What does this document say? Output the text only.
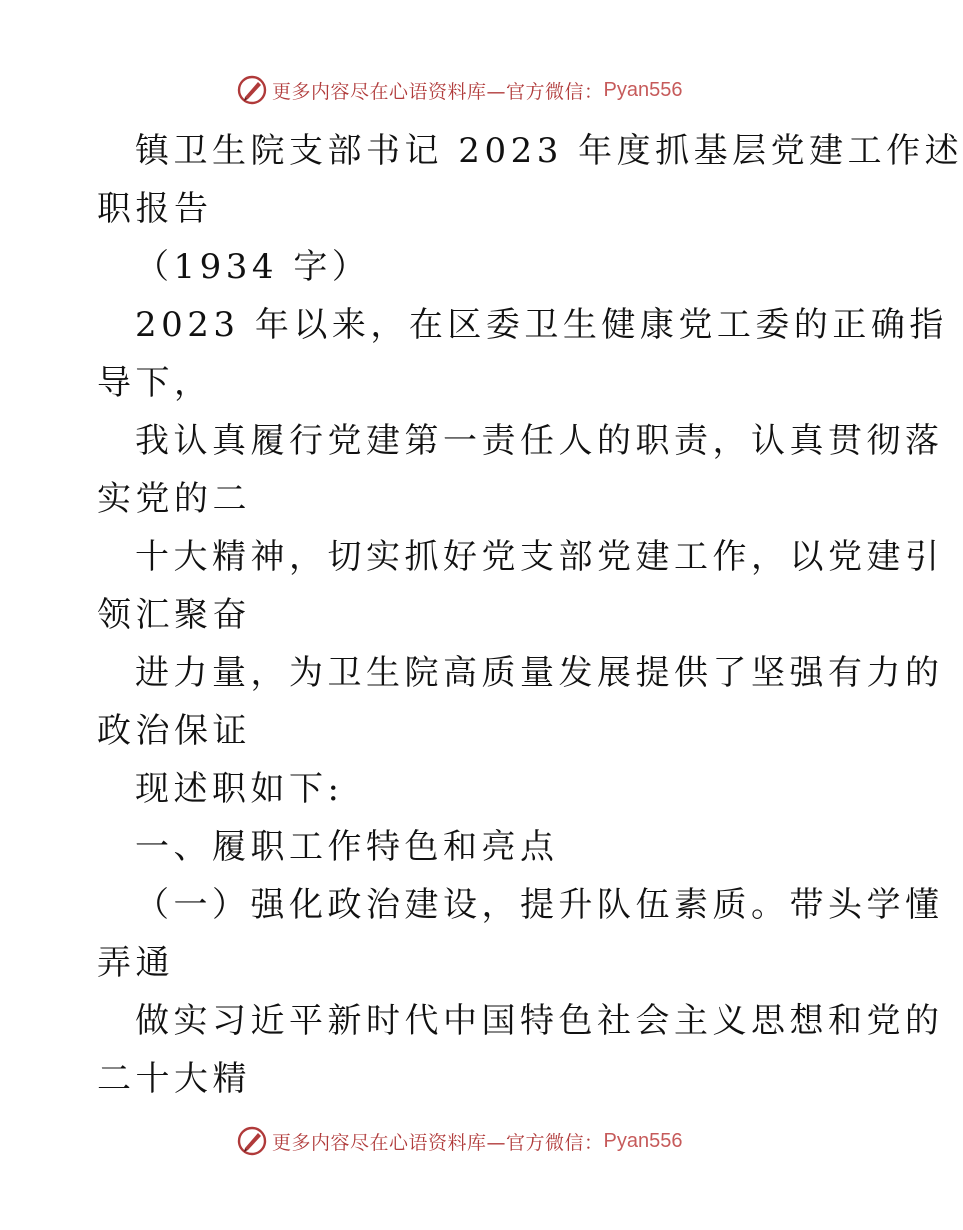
更多内容尽在心语资料库—官方微信： Pyan556
镇卫生院支部书记 2023 年度抓基层党建工作述
职报告
（1934 字）
2023 年以来，在区委卫生健康党工委的正确指
导下，
我认真履行党建第一责任人的职责，认真贯彻落
实党的二
十大精神，切实抓好党支部党建工作，以党建引
领汇聚奋
进力量，为卫生院高质量发展提供了坚强有力的
政治保证
现述职如下:
一、履职工作特色和亮点
（一）强化政治建设，提升队伍素质。带头学懂
弄通
做实习近平新时代中国特色社会主义思想和党的
二十大精
更多内容尽在心语资料库—官方微信： Pyan556
